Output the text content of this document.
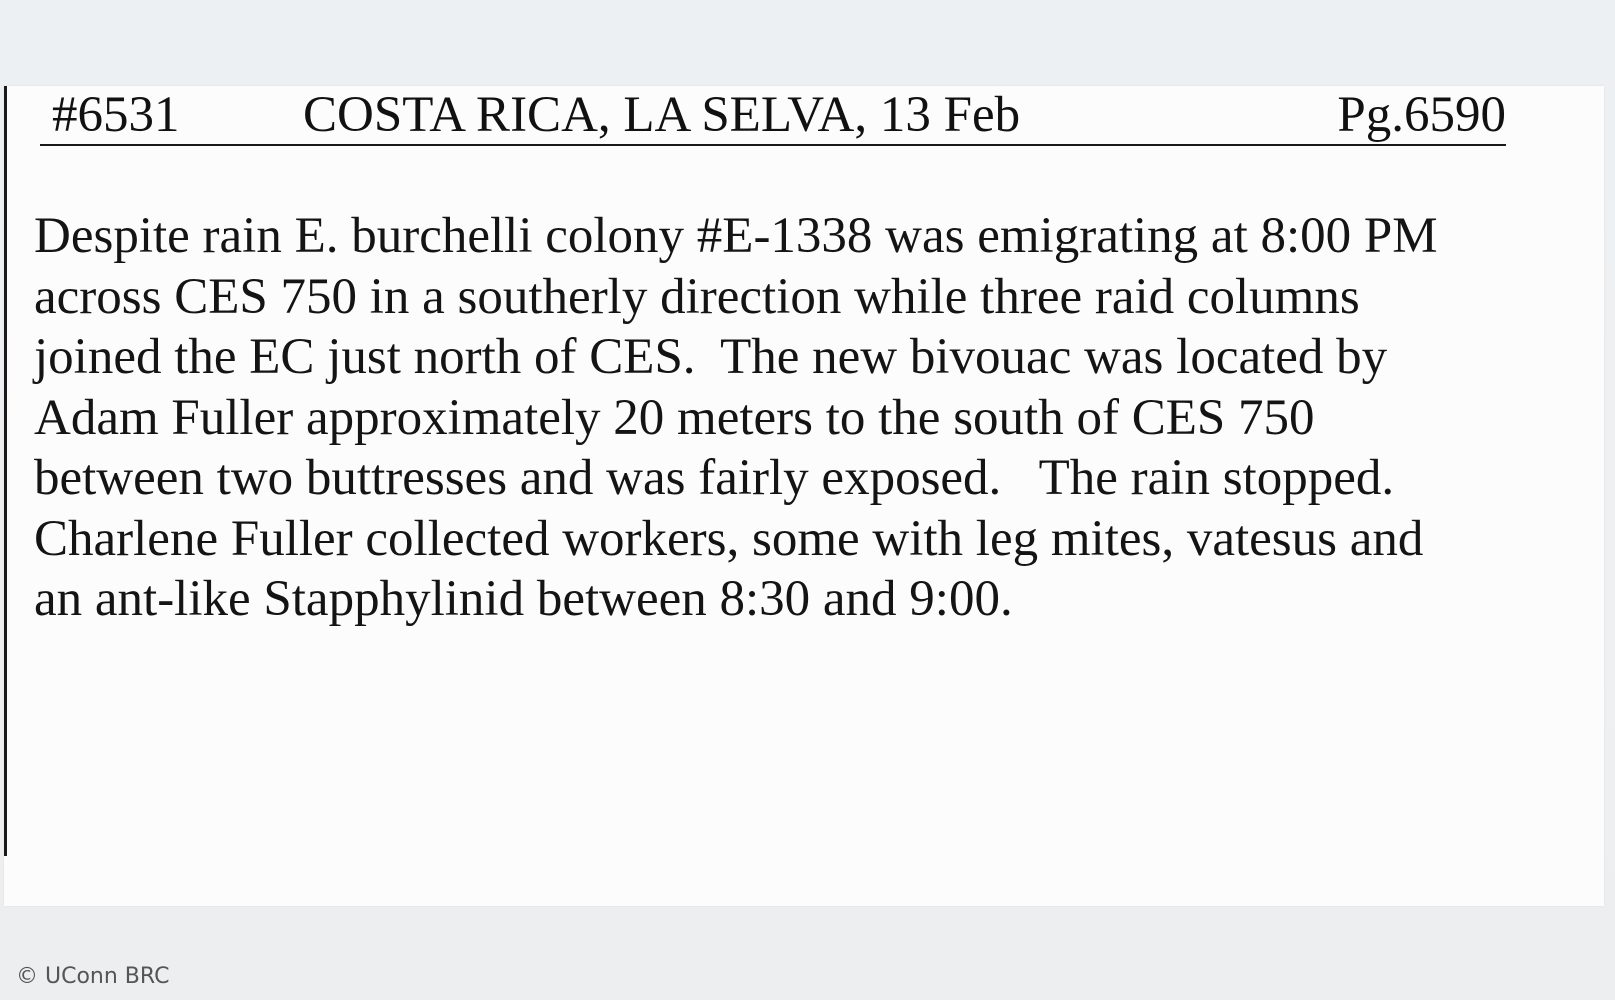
#6531 COSTA RICA, LA SELVA, 13 Feb	Pg.6590

Despite rain E. burchelli colony #E-1338 was emigrating at 8:00 PM
across CES 750 in a southerly direction while three raid columns
joined the EC just north of CES.  The new bivouac was located by
Adam Fuller approximately 20 meters to the south of CES 750
between two buttresses and was fairly exposed.   The rain stopped.
Charlene Fuller collected workers, some with leg mites, vatesus and
an ant-like Stapphylinid between 8:30 and 9:00.

© UConn BRC
